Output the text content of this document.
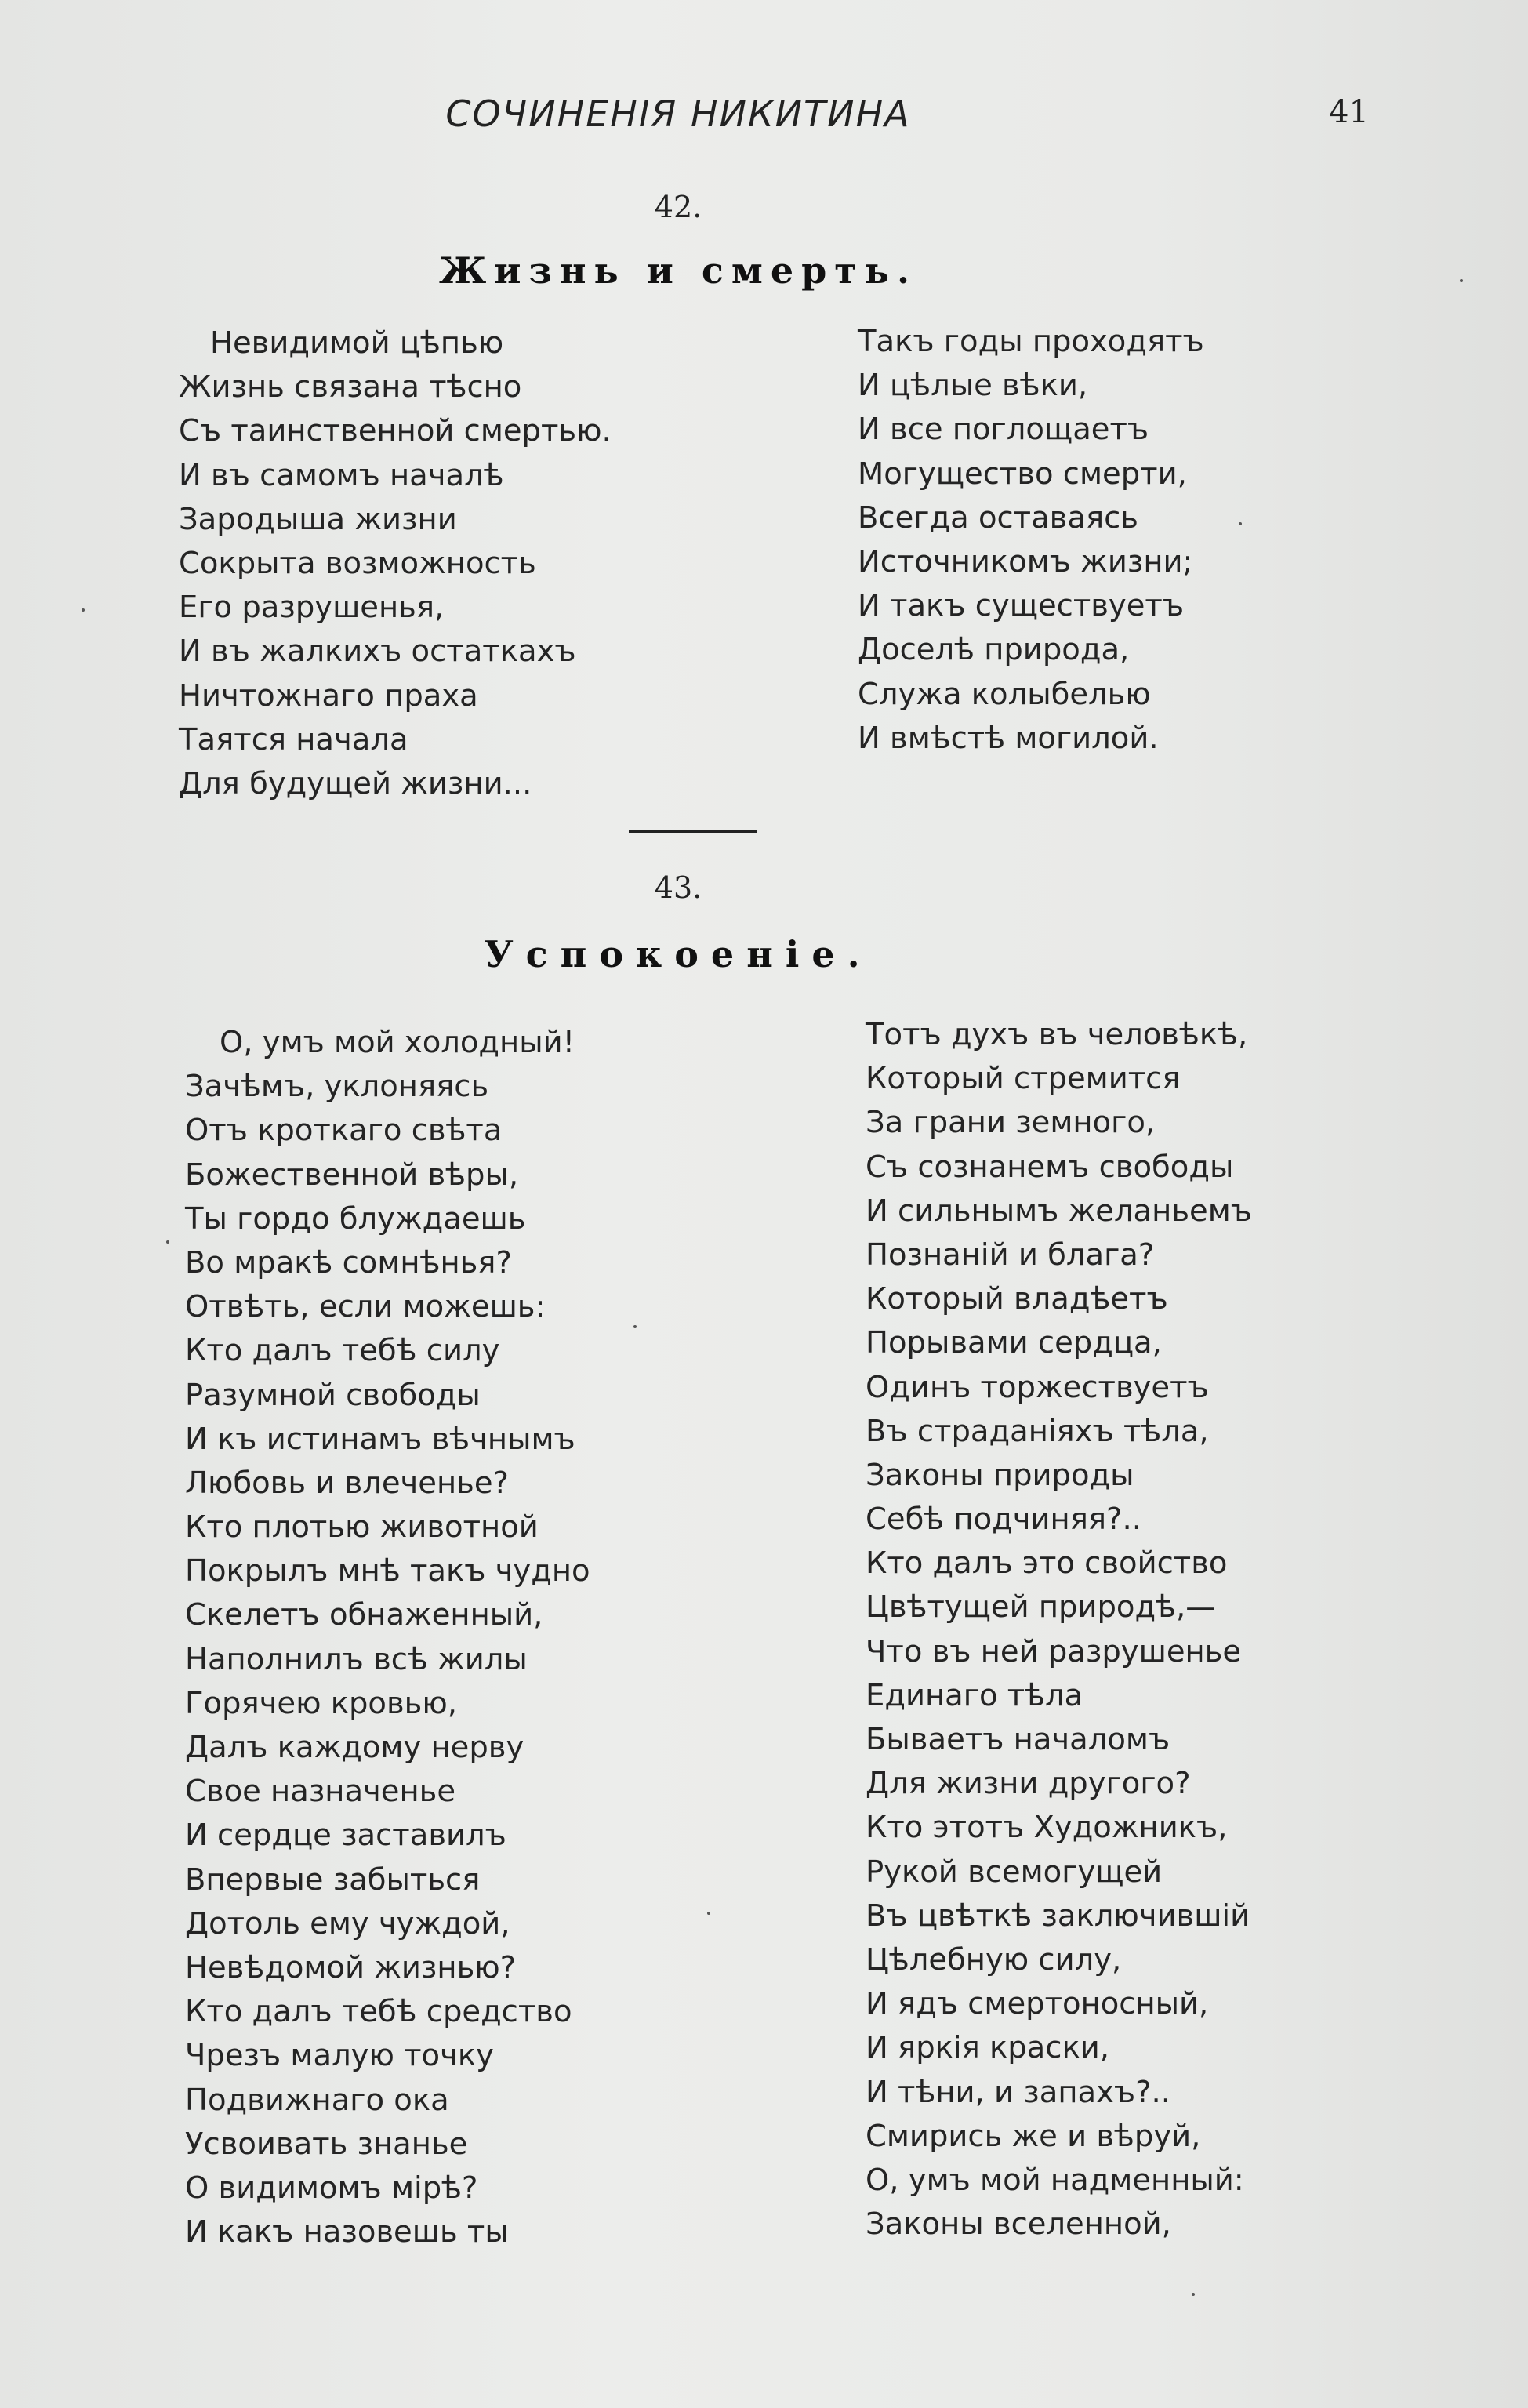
СОЧИНЕНІЯ НИКИТИНА	41
42.
Жизнь и смерть.
Невидимой цѣпью
Жизнь связана тѣсно
Съ таинственной смертью.
И въ самомъ началѣ
Зародыша жизни
Сокрыта возможность
Его разрушенья,
И въ жалкихъ остаткахъ
Ничтожнаго праха
Таятся начала
Для будущей жизни...
Такъ годы проходятъ
И цѣлые вѣки,
И все поглощаетъ
Могущество смерти,
Всегда оставаясь
Источникомъ жизни;
И такъ существуетъ
Доселѣ природа,
Служа колыбелью
И вмѣстѣ могилой.
43.
Успокоеніе.
О, умъ мой холодный!
Зачѣмъ, уклоняясь
Отъ кроткаго свѣта
Божественной вѣры,
Ты гордо блуждаешь
Во мракѣ сомнѣнья?
Отвѣть, если можешь:
Кто далъ тебѣ силу
Разумной свободы
И къ истинамъ вѣчнымъ
Любовь и влеченье?
Кто плотью животной
Покрылъ мнѣ такъ чудно
Скелетъ обнаженный,
Наполнилъ всѣ жилы
Горячею кровью,
Далъ каждому нерву
Свое назначенье
И сердце заставилъ
Впервые забыться
Дотоль ему чуждой,
Невѣдомой жизнью?
Кто далъ тебѣ средство
Чрезъ малую точку
Подвижнаго ока
Усвоивать знанье
О видимомъ мірѣ?
И какъ назовешь ты
Тотъ духъ въ человѣкѣ,
Который стремится
За грани земного,
Съ сознанемъ свободы
И сильнымъ желаньемъ
Познаній и блага?
Который владѣетъ
Порывами сердца,
Одинъ торжествуетъ
Въ страданіяхъ тѣла,
Законы природы
Себѣ подчиняя?..
Кто далъ это свойство
Цвѣтущей природѣ,—
Что въ ней разрушенье
Единаго тѣла
Бываетъ началомъ
Для жизни другого?
Кто этотъ Художникъ,
Рукой всемогущей
Въ цвѣткѣ заключившій
Цѣлебную силу,
И ядъ смертоносный,
И яркія краски,
И тѣни, и запахъ?..
Смирись же и вѣруй,
О, умъ мой надменный:
Законы вселенной,
